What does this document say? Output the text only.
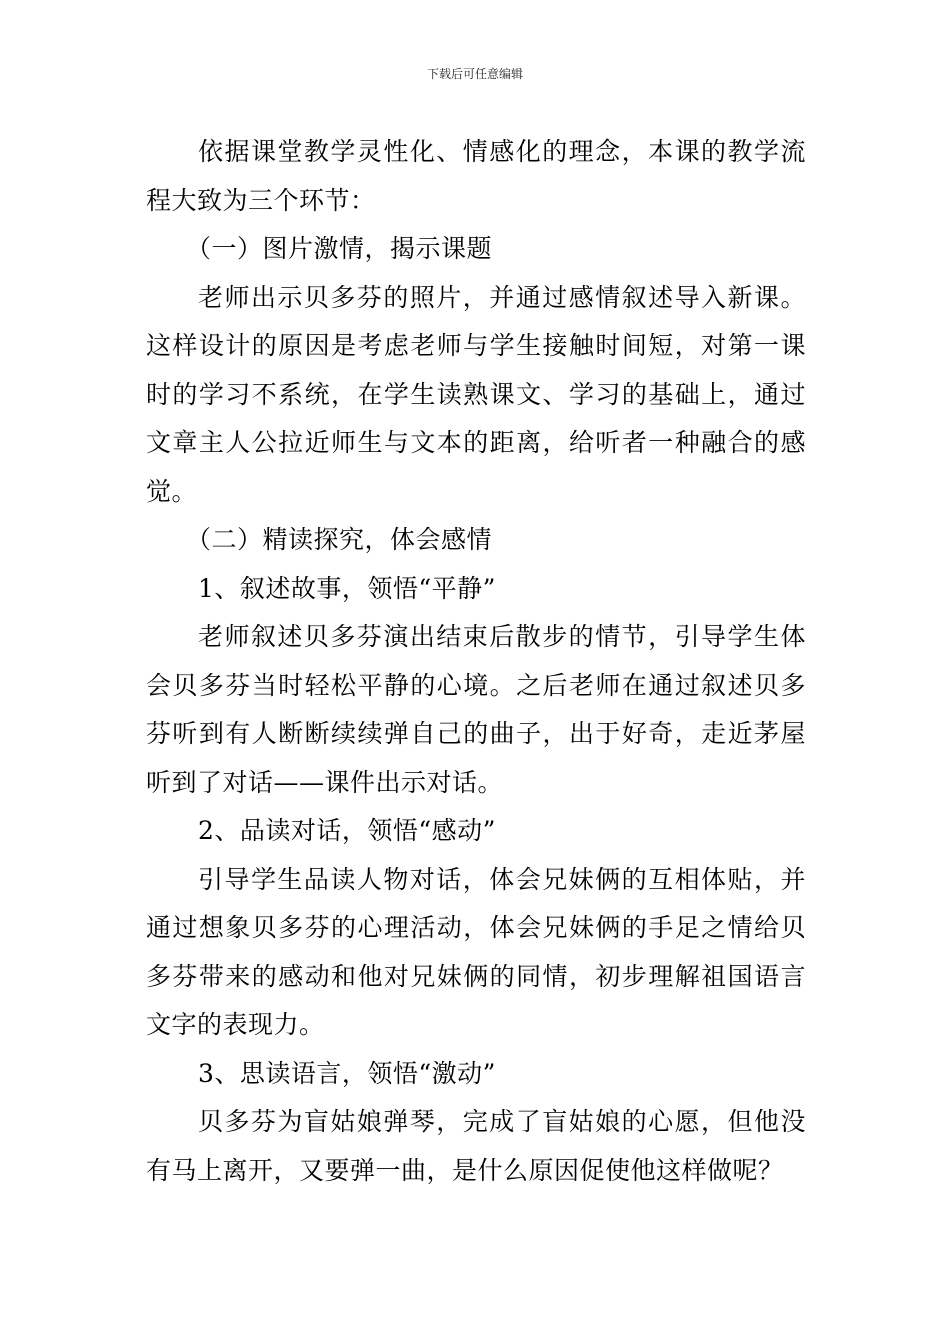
下载后可任意编辑

依据课堂教学灵性化、情感化的理念，本课的教学流程大致为三个环节：

（一）图片激情，揭示课题

老师出示贝多芬的照片，并通过感情叙述导入新课。这样设计的原因是考虑老师与学生接触时间短，对第一课时的学习不系统，在学生读熟课文、学习的基础上，通过文章主人公拉近师生与文本的距离，给听者一种融合的感觉。

（二）精读探究，体会感情

1、叙述故事，领悟“平静”

老师叙述贝多芬演出结束后散步的情节，引导学生体会贝多芬当时轻松平静的心境。之后老师在通过叙述贝多芬听到有人断断续续弹自己的曲子，出于好奇，走近茅屋听到了对话——课件出示对话。

2、品读对话，领悟“感动”

引导学生品读人物对话，体会兄妹俩的互相体贴，并通过想象贝多芬的心理活动，体会兄妹俩的手足之情给贝多芬带来的感动和他对兄妹俩的同情，初步理解祖国语言文字的表现力。

3、思读语言，领悟“激动”

贝多芬为盲姑娘弹琴，完成了盲姑娘的心愿，但他没有马上离开，又要弹一曲，是什么原因促使他这样做呢？
